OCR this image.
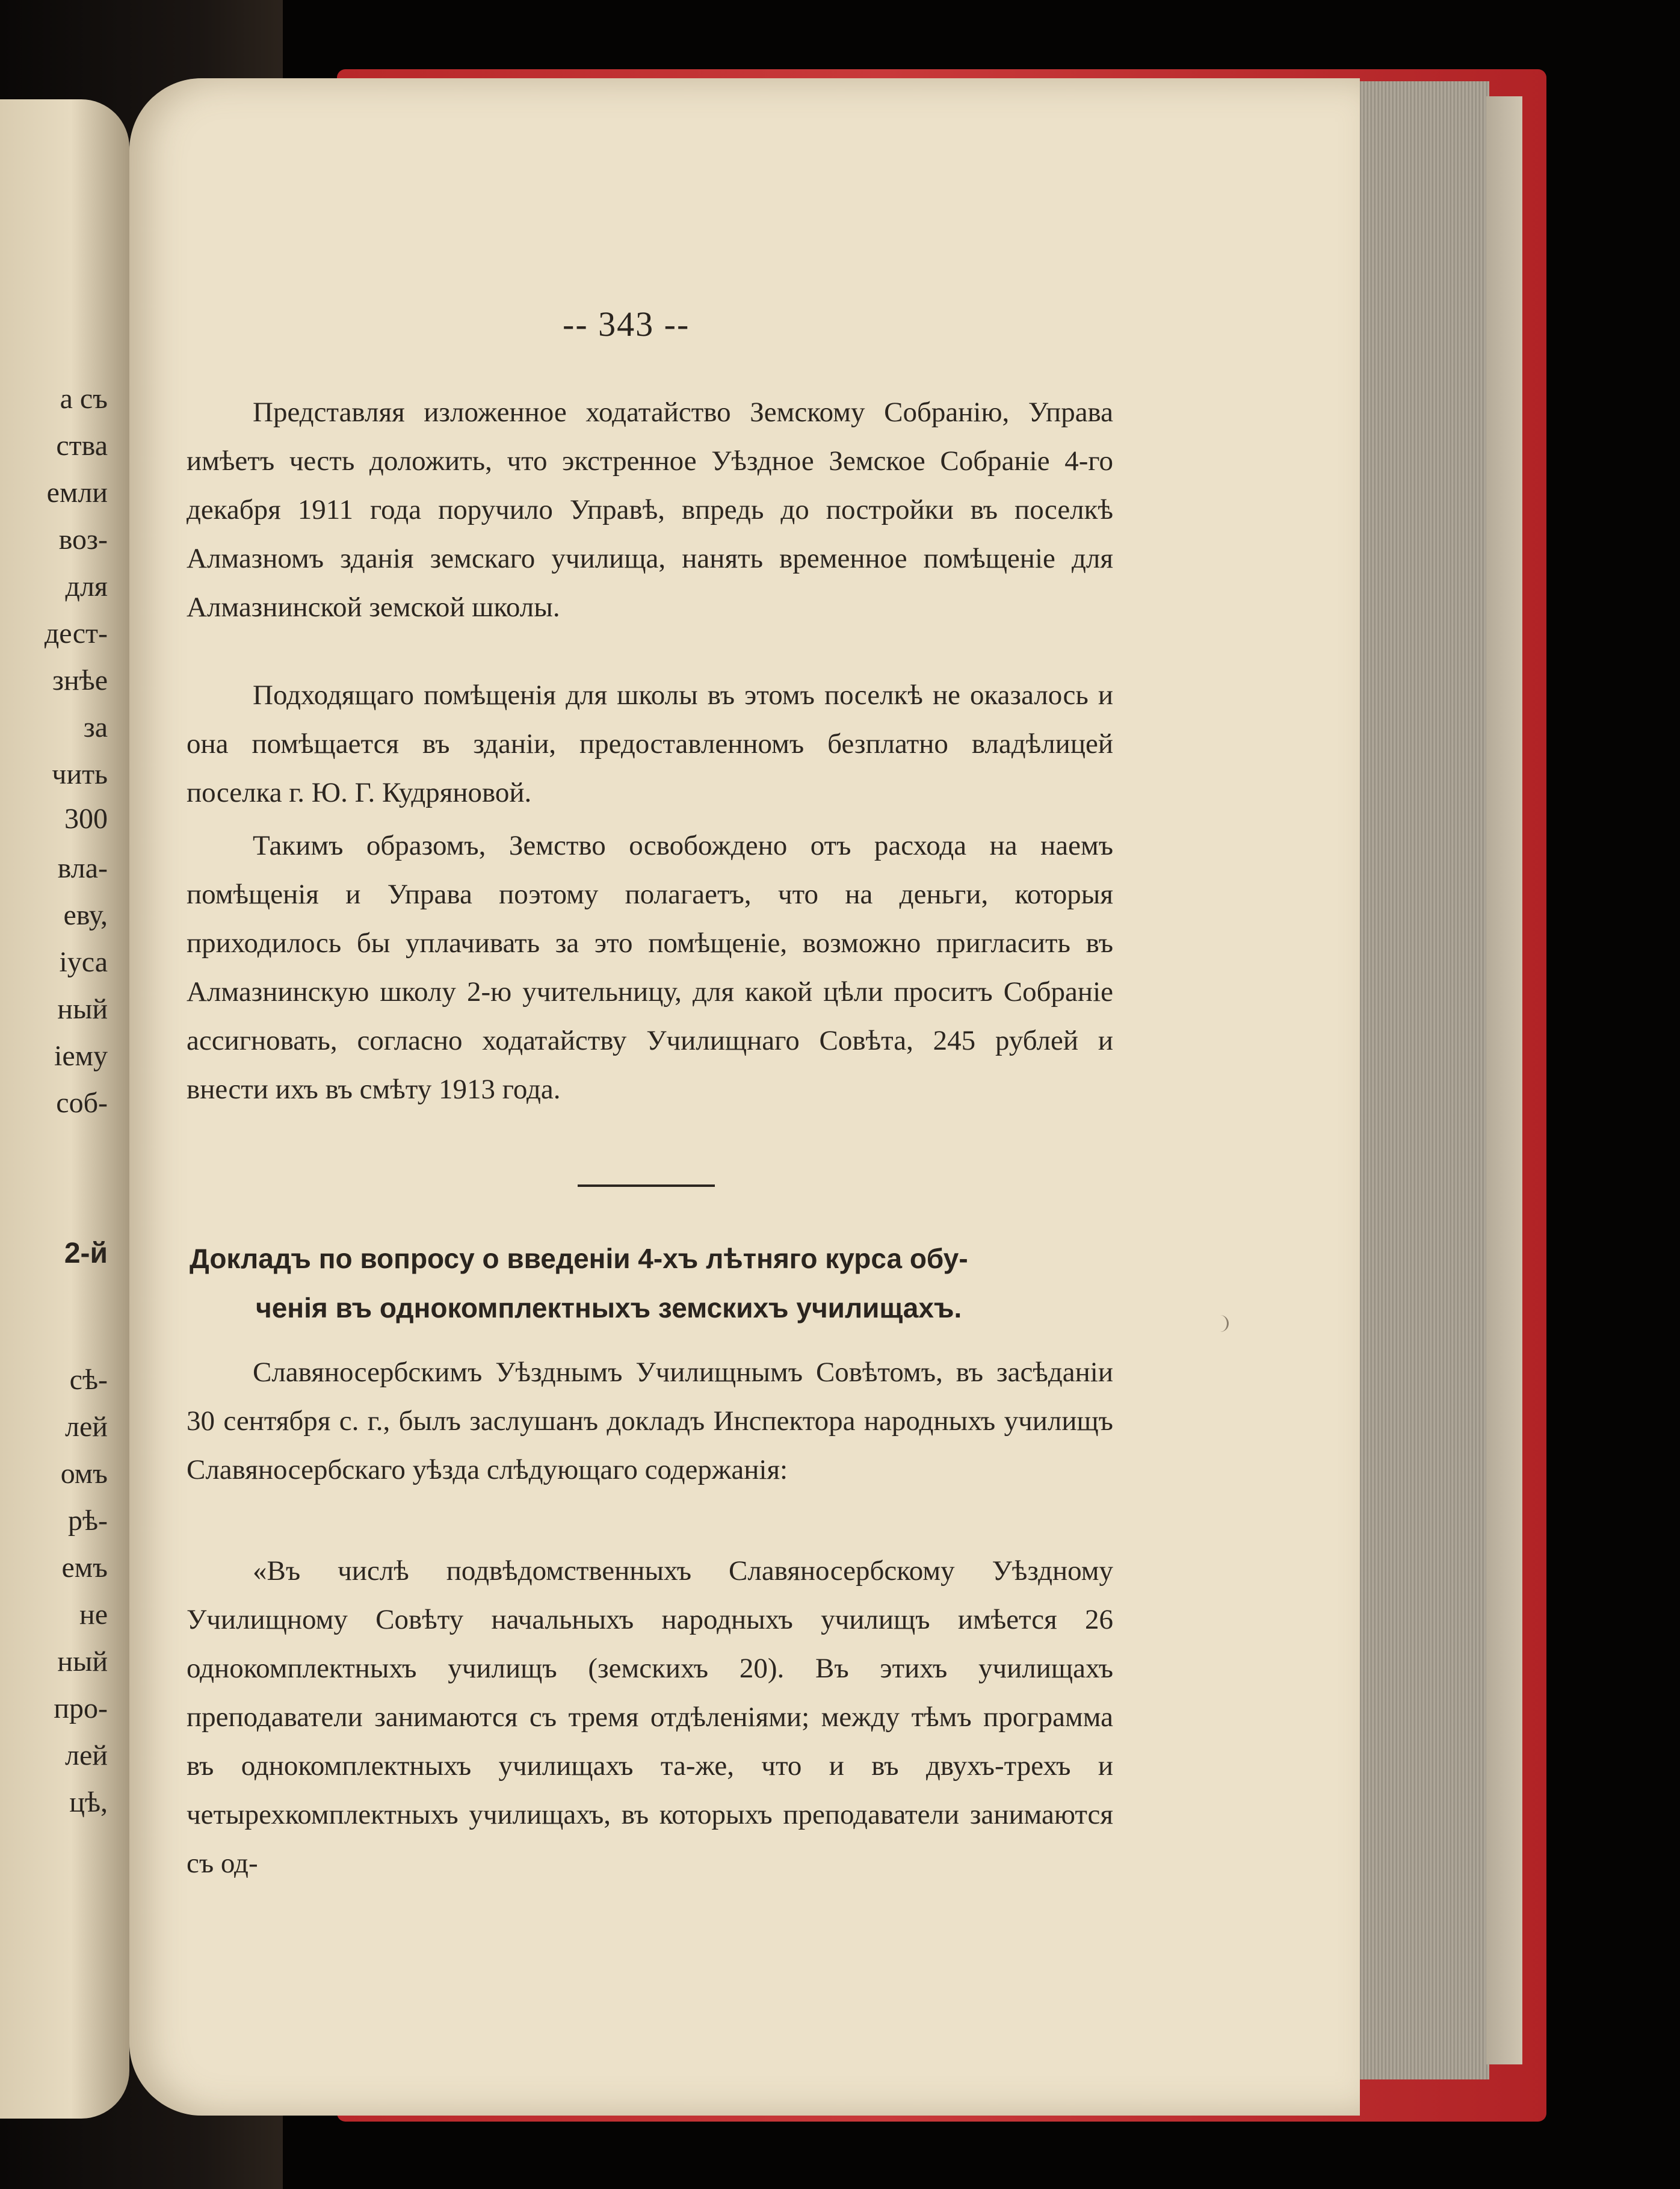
а съ
ства
емли
воз-
для
дест-
знѣе
за
чить
300
вла-
еву,
іуса
ный
іему
соб-
2-й
сѣ-
лей
омъ
рѣ-
емъ
не
ный
про-
лей
цѣ,
-- 343 --

Представляя изложенное ходатайство Земскому Собранію, Управа имѣетъ честь доложить, что экстренное Уѣздное Земское Собраніе 4-го декабря 1911 года поручило Управѣ, впредь до постройки въ поселкѣ Алмазномъ зданія земскаго училища, нанять временное помѣщеніе для Алмазнинской земской школы.

Подходящаго помѣщенія для школы въ этомъ поселкѣ не оказалось и она помѣщается въ зданіи, предоставленномъ безплатно владѣлицей поселка г. Ю. Г. Кудряновой.

Такимъ образомъ, Земство освобождено отъ расхода на наемъ помѣщенія и Управа поэтому полагаетъ, что на деньги, которыя приходилось бы уплачивать за это помѣщеніе, возможно пригласить въ Алмазнинскую школу 2-ю учительницу, для какой цѣли проситъ Собраніе ассигновать, согласно ходатайству Училищнаго Совѣта, 245 рублей и внести ихъ въ смѣту 1913 года.

Докладъ по вопросу о введеніи 4-хъ лѣтняго курса обу-
ченія въ однокомплектныхъ земскихъ училищахъ.

Славяносербскимъ Уѣзднымъ Училищнымъ Совѣтомъ, въ засѣданіи 30 сентября с. г., былъ заслушанъ докладъ Инспектора народныхъ училищъ Славяносербскаго уѣзда слѣдующаго содержанія:

«Въ числѣ подвѣдомственныхъ Славяносербскому Уѣздному Училищному Совѣту начальныхъ народныхъ училищъ имѣется 26 однокомплектныхъ училищъ (земскихъ 20). Въ этихъ училищахъ преподаватели занимаются съ тремя отдѣленіями; между тѣмъ программа въ однокомплектныхъ училищахъ та-же, что и въ двухъ-трехъ и четырехкомплектныхъ училищахъ, въ которыхъ преподаватели занимаются съ од-
